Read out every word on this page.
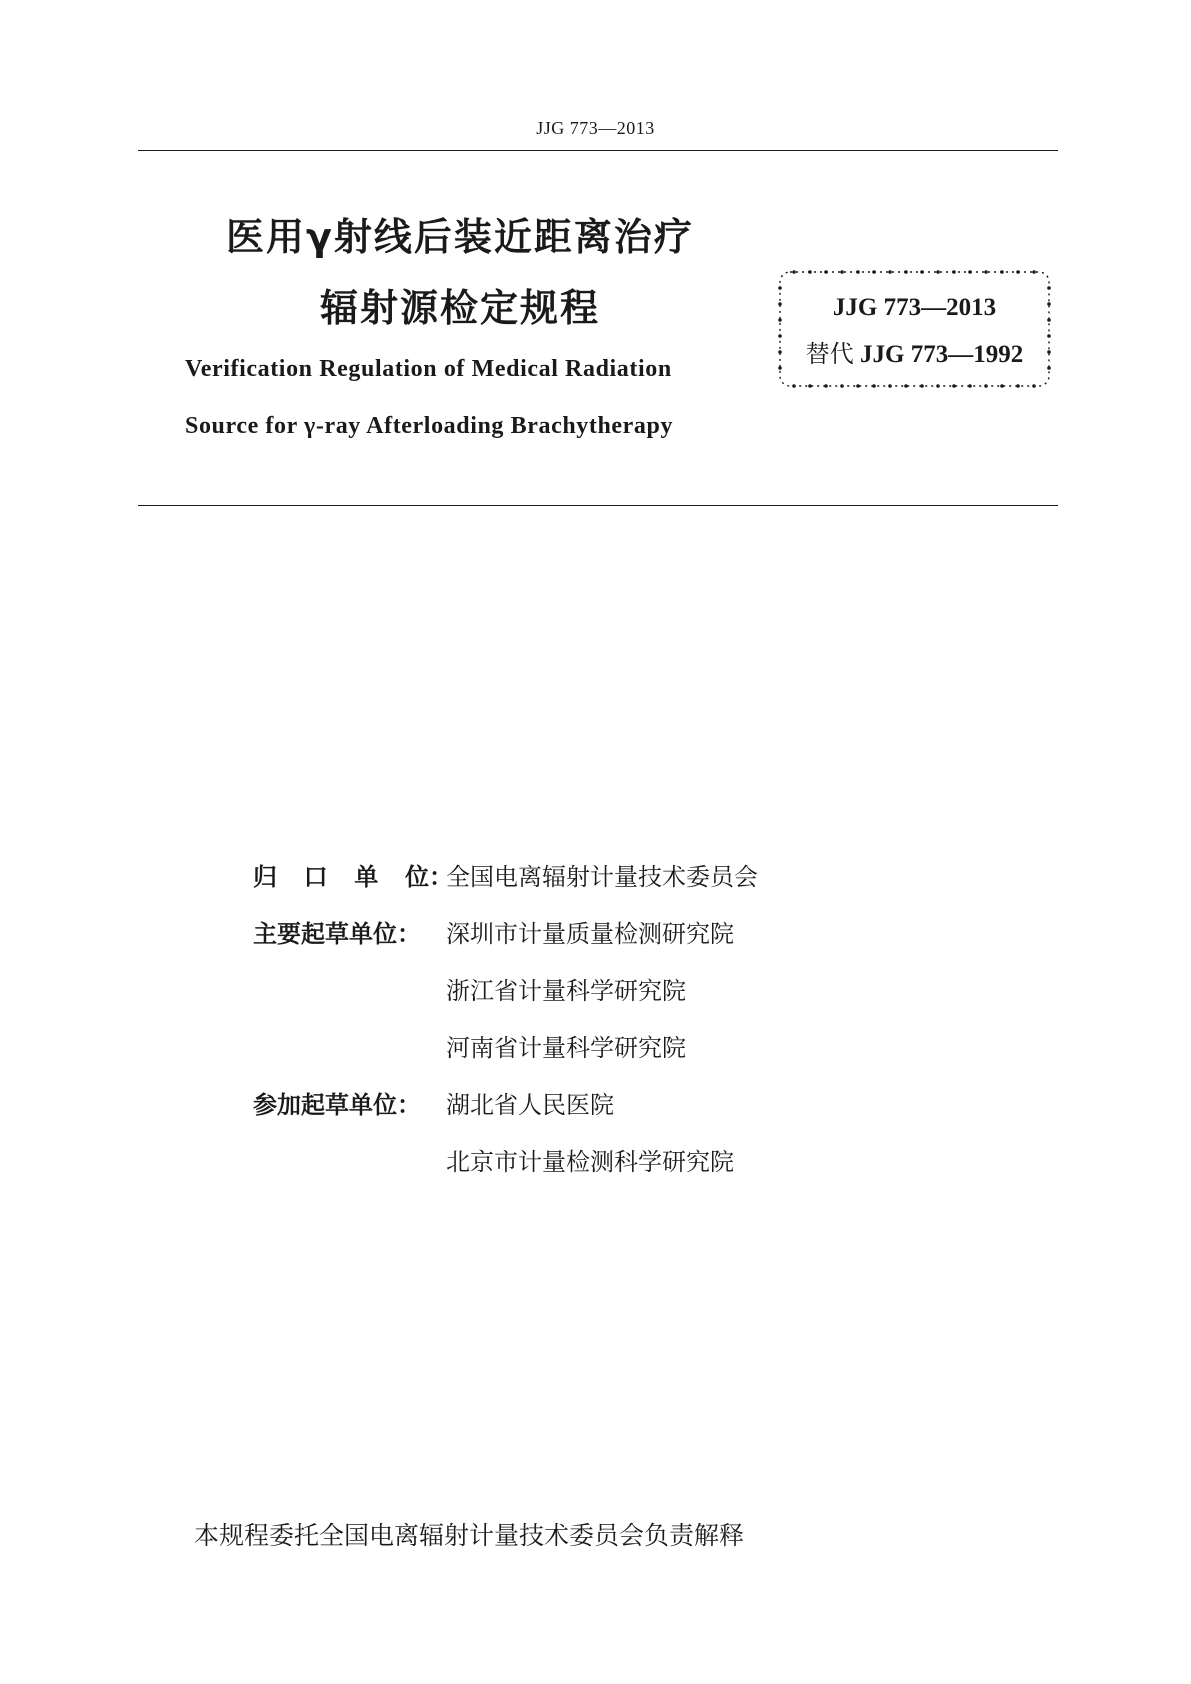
JJG 773—2013
医用γ射线后装近距离治疗
辐射源检定规程
Verification Regulation of Medical Radiation
Source for γ-ray Afterloading Brachytherapy
JJG 773—2013
替代 JJG 773—1992
归口单位：全国电离辐射计量技术委员会
主要起草单位： 深圳市计量质量检测研究院
浙江省计量科学研究院
河南省计量科学研究院
参加起草单位： 湖北省人民医院
北京市计量检测科学研究院
本规程委托全国电离辐射计量技术委员会负责解释
